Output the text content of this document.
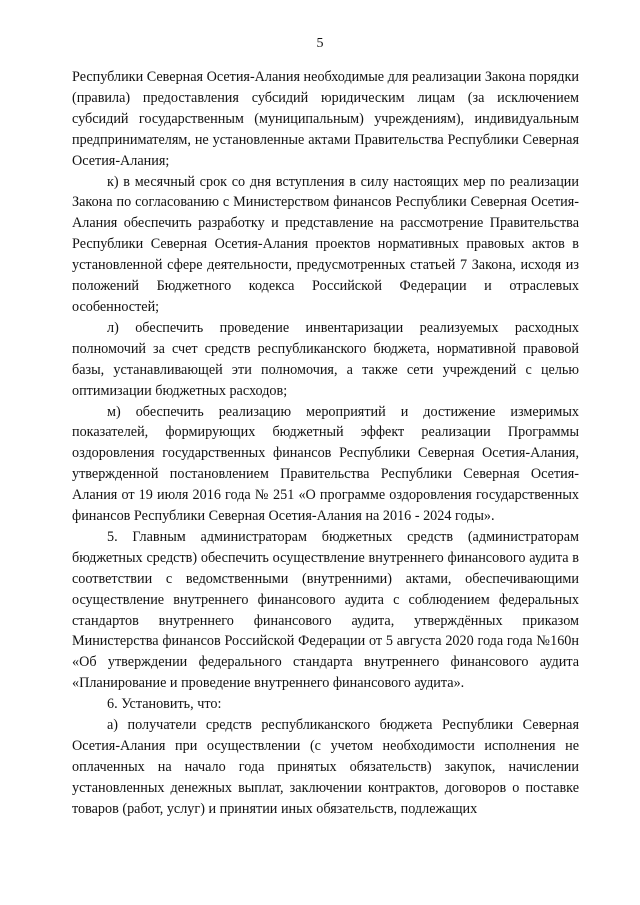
5

Республики Северная Осетия-Алания необходимые для реализации Закона порядки (правила) предоставления субсидий юридическим лицам (за исключением субсидий государственным (муниципальным) учреждениям), индивидуальным предпринимателям, не установленные актами Правительства Республики Северная Осетия-Алания;

к) в месячный срок со дня вступления в силу настоящих мер по реализации Закона по согласованию с Министерством финансов Республики Северная Осетия-Алания обеспечить разработку и представление на рассмотрение Правительства Республики Северная Осетия-Алания проектов нормативных правовых актов в установленной сфере деятельности, предусмотренных статьей 7 Закона, исходя из положений Бюджетного кодекса Российской Федерации и отраслевых особенностей;

л) обеспечить проведение инвентаризации реализуемых расходных полномочий за счет средств республиканского бюджета, нормативной правовой базы, устанавливающей эти полномочия, а также сети учреждений с целью оптимизации бюджетных расходов;

м) обеспечить реализацию мероприятий и достижение измеримых показателей, формирующих бюджетный эффект реализации Программы оздоровления государственных финансов Республики Северная Осетия-Алания, утвержденной постановлением Правительства Республики Северная Осетия-Алания от 19 июля 2016 года № 251 «О программе оздоровления государственных финансов Республики Северная Осетия-Алания на 2016 - 2024 годы».

5. Главным администраторам бюджетных средств (администраторам бюджетных средств) обеспечить осуществление внутреннего финансового аудита в соответствии с ведомственными (внутренними) актами, обеспечивающими осуществление внутреннего финансового аудита с соблюдением федеральных стандартов внутреннего финансового аудита, утверждённых приказом Министерства финансов Российской Федерации от 5 августа 2020 года года №160н «Об утверждении федерального стандарта внутреннего финансового аудита «Планирование и проведение внутреннего финансового аудита».

6. Установить, что:

а) получатели средств республиканского бюджета Республики Северная Осетия-Алания при осуществлении (с учетом необходимости исполнения не оплаченных на начало года принятых обязательств) закупок, начислении установленных денежных выплат, заключении контрактов, договоров о поставке товаров (работ, услуг) и принятии иных обязательств, подлежащих
